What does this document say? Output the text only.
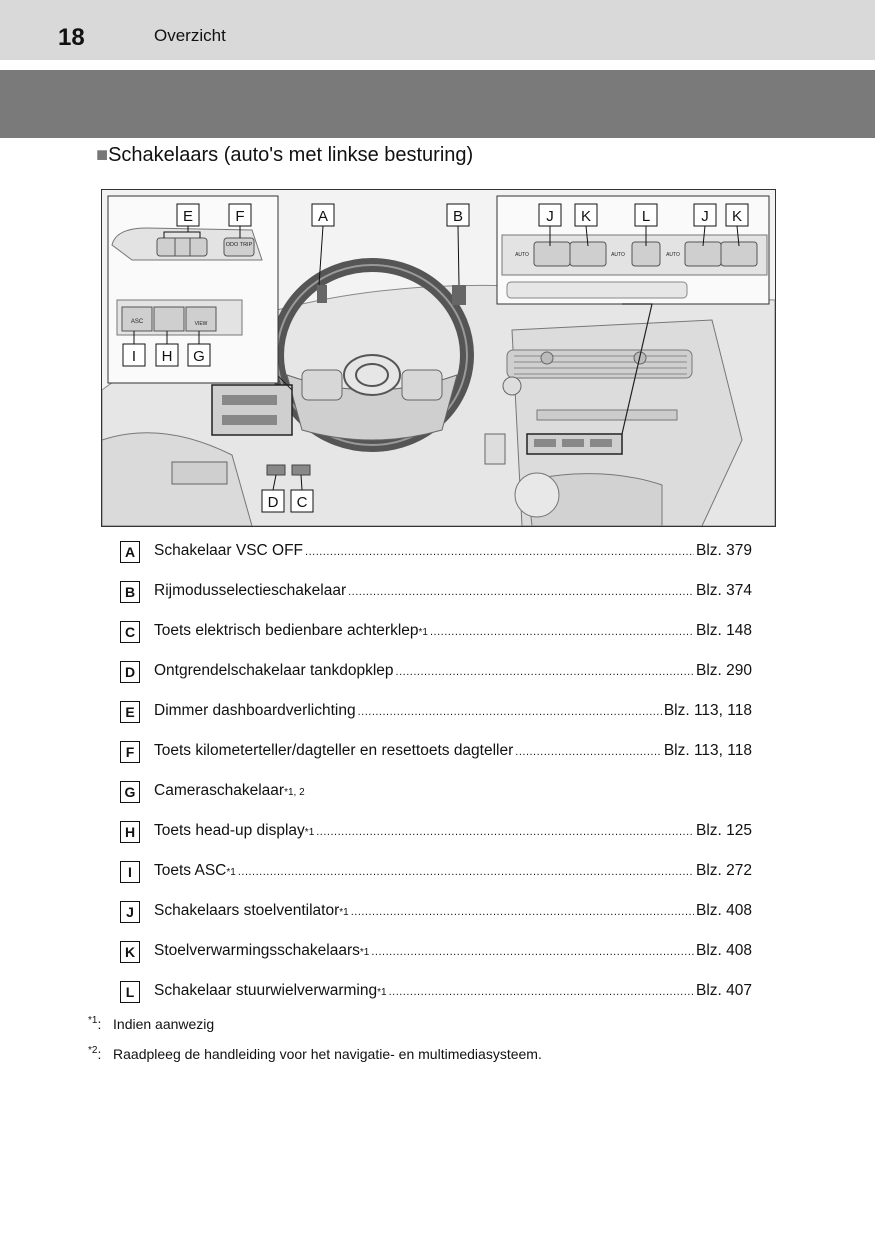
18	Overzicht
■Schakelaars (auto's met linkse besturing)
ODO TRIP
ASC	VIEW
AUTO	AUTO	AUTO
E	F	A	B	J K	L	J K
I H G
D C
A	Schakelaar VSC OFF .....	Blz. 379
B	Rijmodusselectieschakelaar .....	Blz. 374
C	Toets elektrisch bedienbare achterklep *1 .....	Blz. 148
D	Ontgrendelschakelaar tankdopklep .....	Blz. 290
E	Dimmer dashboardverlichting .....	Blz. 113, 118
F	Toets kilometerteller/dagteller en resettoets dagteller .....	Blz. 113, 118
G Cameraschakelaar *1, 2
H	Toets head-up display *1 .....	Blz. 125
I	Toets ASC *1 .....	Blz. 272
J	Schakelaars stoelventilator *1 .....	Blz. 408
K	Stoelverwarmingsschakelaars *1 .....	Blz. 408
L	Schakelaar stuurwielverwarming *1 .....	Blz. 407
$^{*1}$:   Indien aanwezig
$^{*2}$:   Raadpleeg de handleiding voor het navigatie- en multimediasysteem.
